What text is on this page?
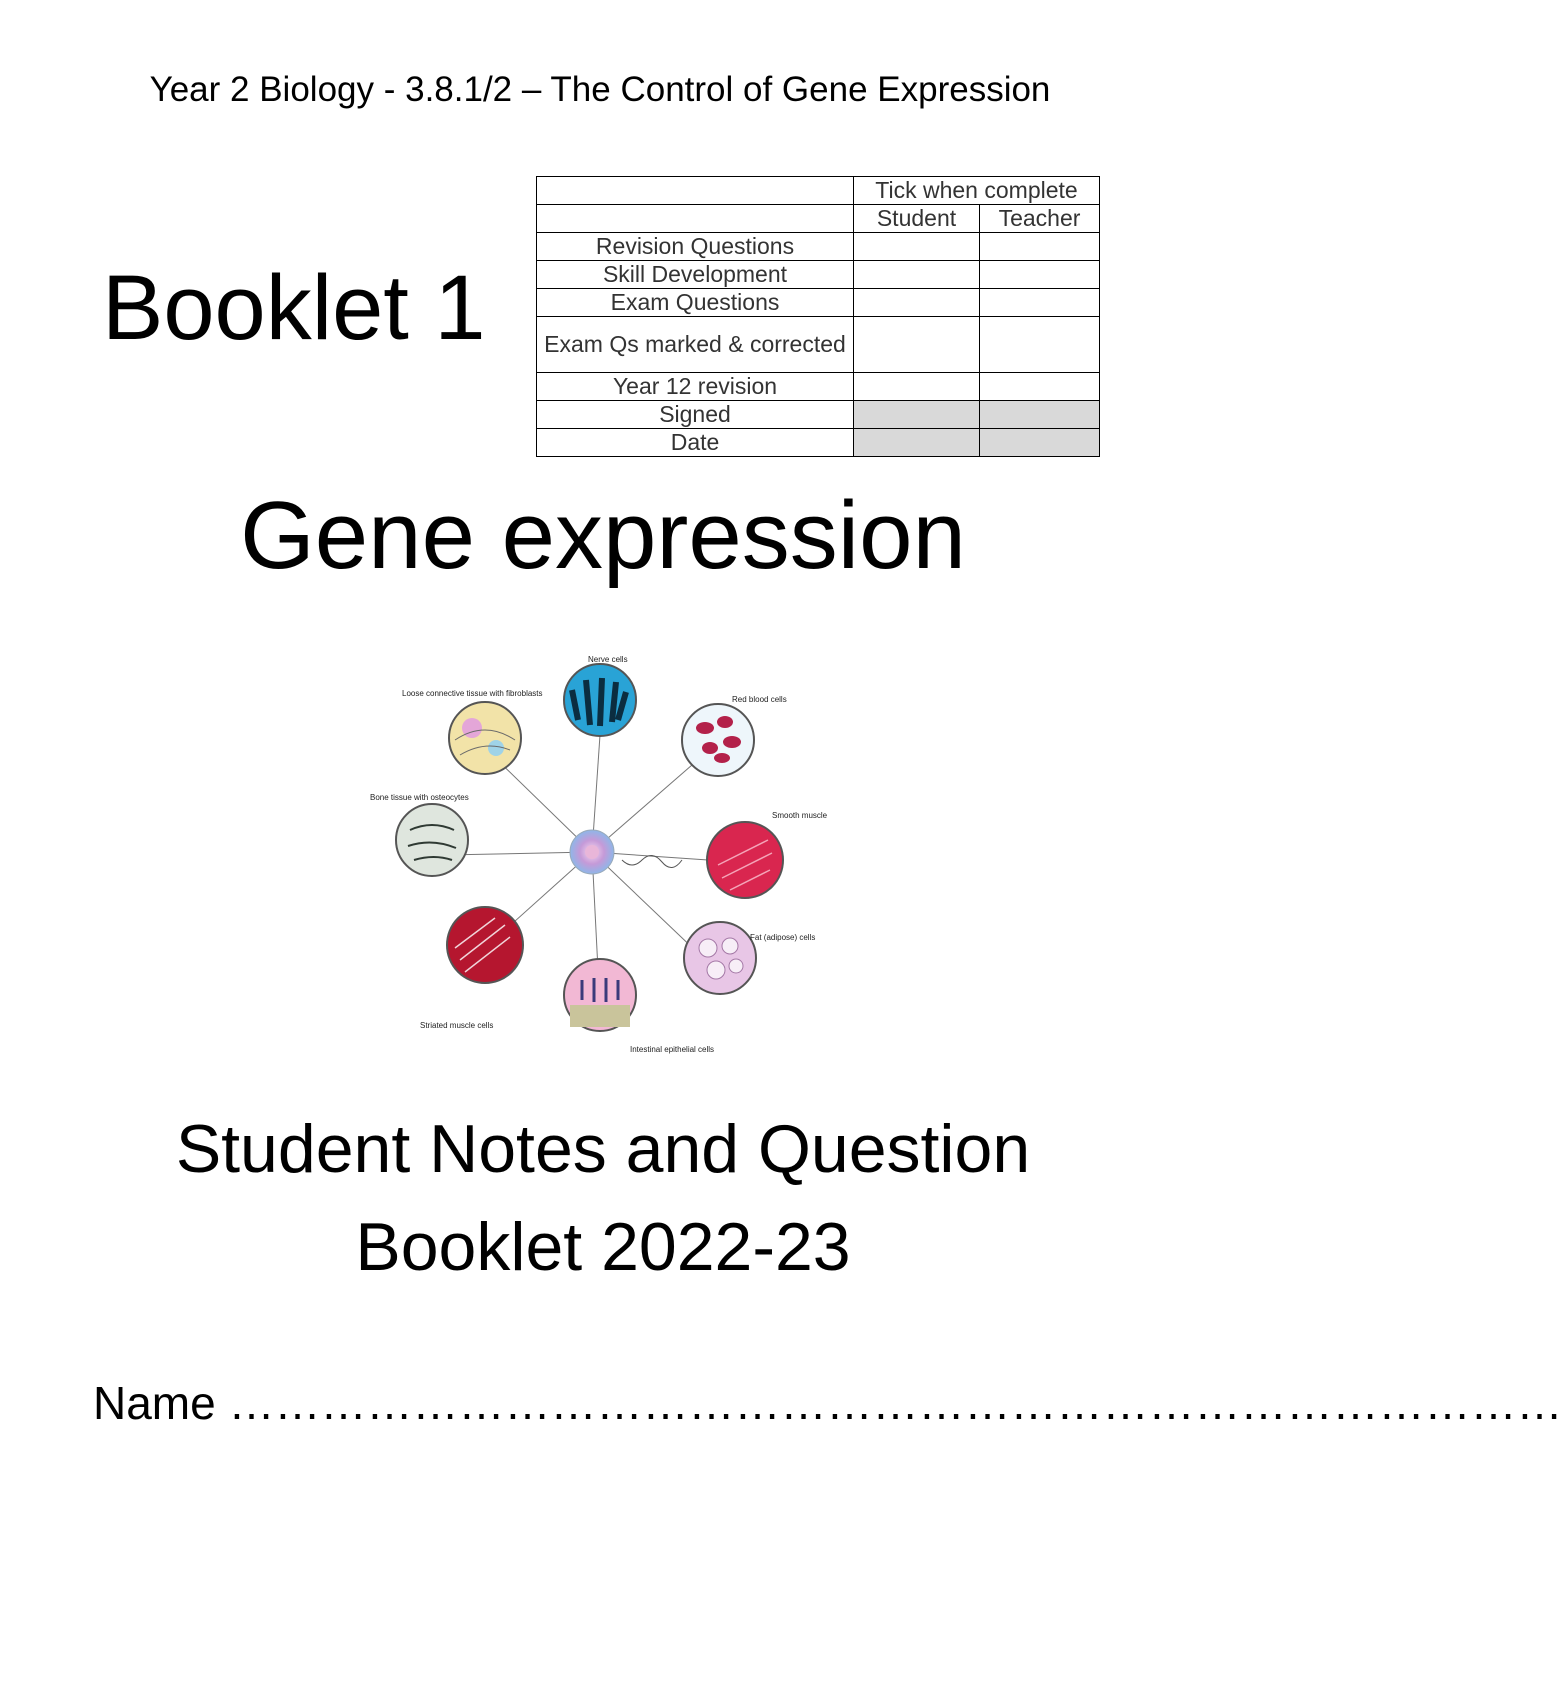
Year 2 Biology - 3.8.1/2 – The Control of Gene Expression
Booklet 1
	Tick when complete	
	Student	Teacher
Revision Questions		
Skill Development		
Exam Questions		
Exam Qs marked & corrected		
Year 12 revision		
Signed		
Date		
Gene expression
Nerve cells
Red blood cells
Smooth muscle
Fat (adipose) cells
Intestinal epithelial cells
Striated muscle cells
Bone tissue with osteocytes
Loose connective tissue with fibroblasts
Student Notes and Question
Booklet 2022-23
Name ……………………………………………………………………………
